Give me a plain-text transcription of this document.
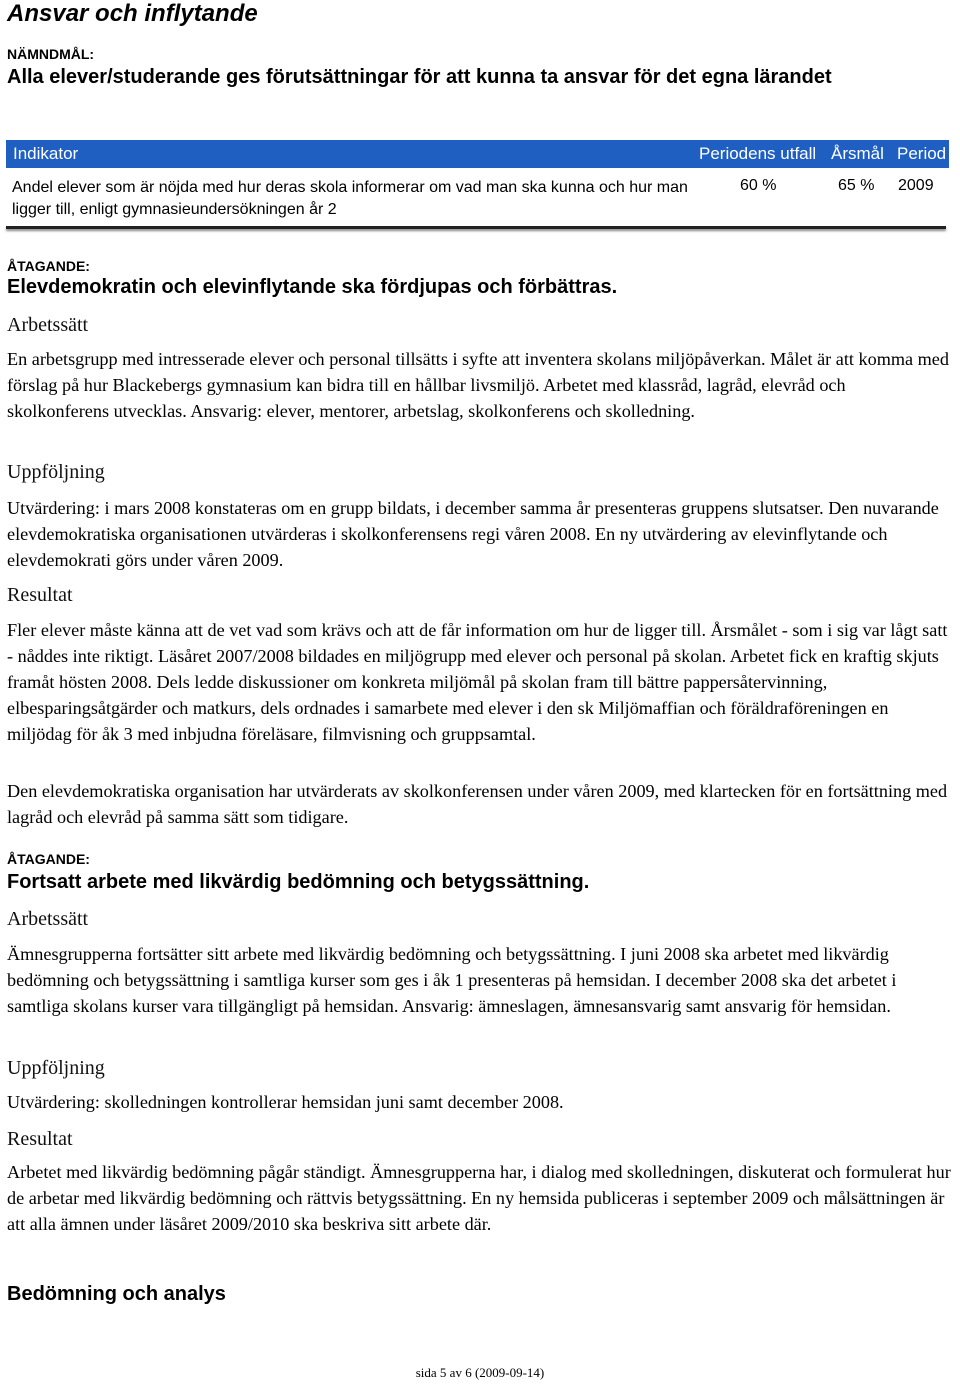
Ansvar och inflytande
NÄMNDMÅL:
Alla elever/studerande ges förutsättningar för att kunna ta ansvar för det egna lärandet
Indikator	Periodens utfall Årsmål Period
Andel elever som är nöjda med hur deras skola informerar om vad man ska kunna och hur man ligger till, enligt gymnasieundersökningen år 2
60 %	65 % 2009
ÅTAGANDE:
Elevdemokratin och elevinflytande ska fördjupas och förbättras.
Arbetssätt

En arbetsgrupp med intresserade elever och personal tillsätts i syfte att inventera skolans miljöpåverkan. Målet är att komma med förslag på hur Blackebergs gymnasium kan bidra till en hållbar livsmiljö. Arbetet med klassråd, lagråd, elevråd och skolkonferens utvecklas. Ansvarig: elever, mentorer, arbetslag, skolkonferens och skolledning.

Uppföljning

Utvärdering: i mars 2008 konstateras om en grupp bildats, i december samma år presenteras gruppens slutsatser. Den nuvarande elevdemokratiska organisationen utvärderas i skolkonferensens regi våren 2008. En ny utvärdering av elevinflytande och elevdemokrati görs under våren 2009.

Resultat

Fler elever måste känna att de vet vad som krävs och att de får information om hur de ligger till. Årsmålet - som i sig var lågt satt - nåddes inte riktigt. Läsåret 2007/2008 bildades en miljögrupp med elever och personal på skolan. Arbetet fick en kraftig skjuts framåt hösten 2008. Dels ledde diskussioner om konkreta miljömål på skolan fram till bättre pappersåtervinning, elbesparingsåtgärder och matkurs, dels ordnades i samarbete med elever i den sk Miljömaffian och föräldraföreningen en miljödag för åk 3 med inbjudna föreläsare, filmvisning och gruppsamtal.

Den elevdemokratiska organisation har utvärderats av skolkonferensen under våren 2009, med klartecken för en fortsättning med lagråd och elevråd på samma sätt som tidigare.

ÅTAGANDE:
Fortsatt arbete med likvärdig bedömning och betygssättning.
Arbetssätt

Ämnesgrupperna fortsätter sitt arbete med likvärdig bedömning och betygssättning. I juni 2008 ska arbetet med likvärdig bedömning och betygssättning i samtliga kurser som ges i åk 1 presenteras på hemsidan. I december 2008 ska det arbetet i samtliga skolans kurser vara tillgängligt på hemsidan. Ansvarig: ämneslagen, ämnesansvarig samt ansvarig för hemsidan.

Uppföljning

Utvärdering: skolledningen kontrollerar hemsidan juni samt december 2008.

Resultat

Arbetet med likvärdig bedömning pågår ständigt. Ämnesgrupperna har, i dialog med skolledningen, diskuterat och formulerat hur de arbetar med likvärdig bedömning och rättvis betygssättning. En ny hemsida publiceras i september 2009 och målsättningen är att alla ämnen under läsåret 2009/2010 ska beskriva sitt arbete där.

Bedömning och analys
sida 5 av 6 (2009-09-14)
